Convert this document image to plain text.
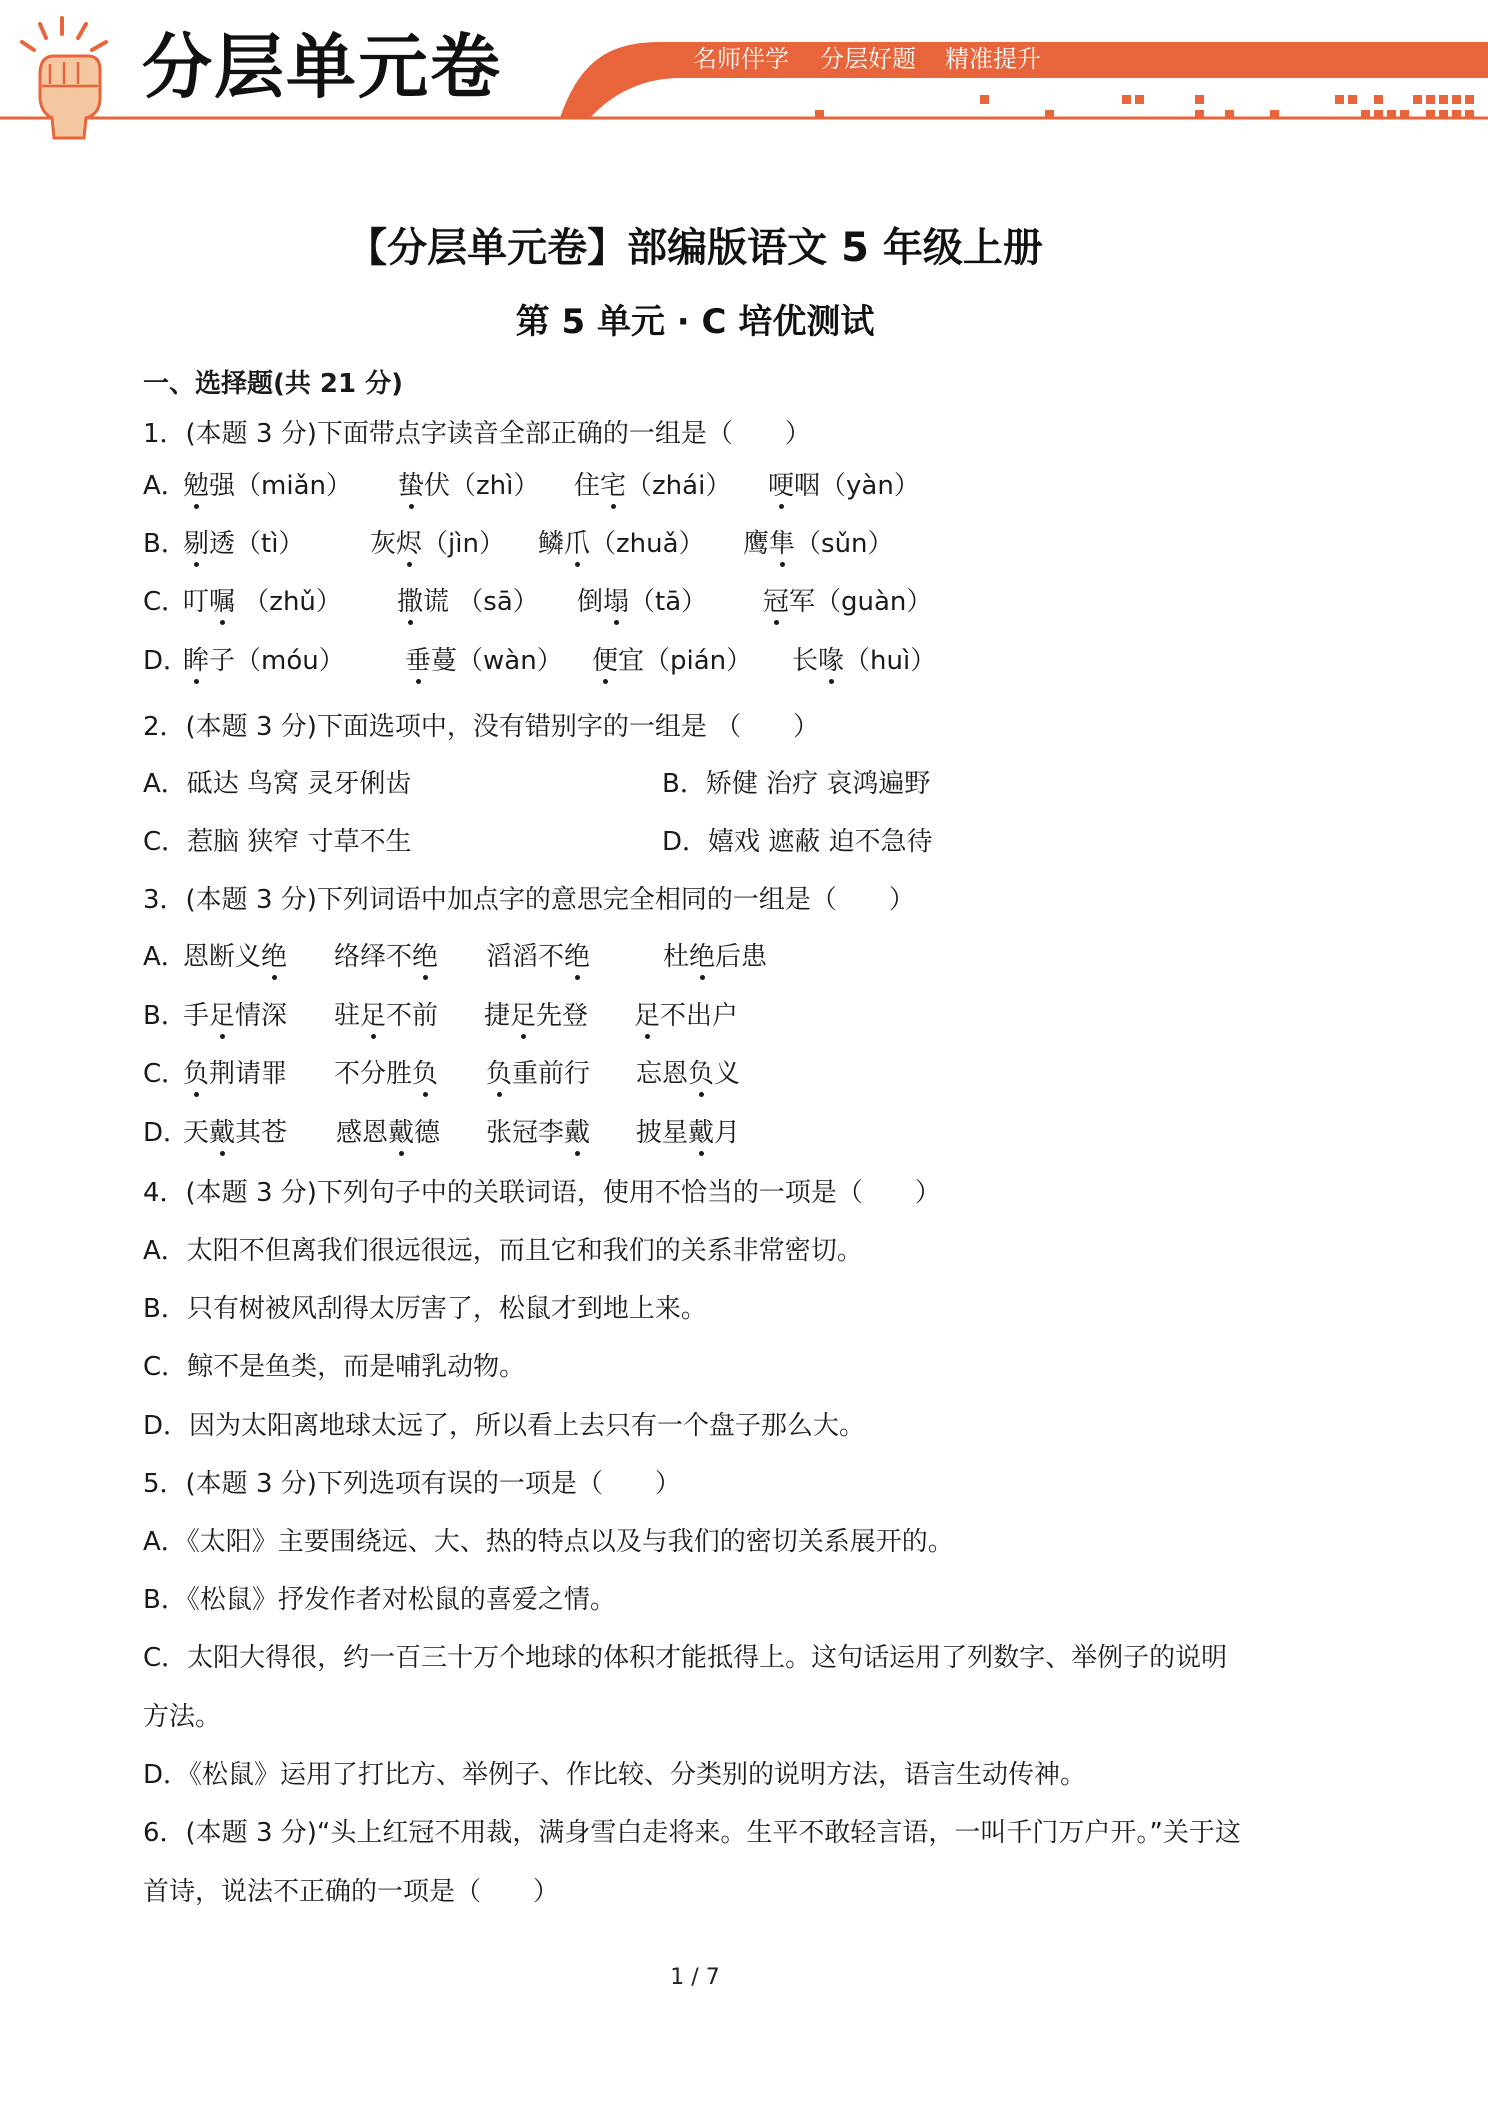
分层单元卷	名师伴学 分层好题 精准提升
【分层单元卷】部编版语文 5 年级上册
第 5 单元 · C 培优测试
一、选择题(共 21 分)
1．(本题 3 分)下面带点字读音全部正确的一组是（　　）
A．
勉强（miǎn） 蛰伏（zhì） 住宅（zhái） 哽咽（yàn）
B．
剔透（tì）	灰烬（jìn） 鳞爪（zhuǎ） 鹰隼（sǔn）
C．
叮嘱 （zhǔ） 撒谎 （sā） 倒塌（tā） 冠军（guàn）
D．
眸子（móu） 垂蔓（wàn） 便宜（pián） 长喙（huì）
2．(本题 3 分)下面选项中，没有错别字的一组是 （　　）
A．砥达 鸟窝 灵牙俐齿	B．矫健 治疗 哀鸿遍野
C．惹脑 狭窄 寸草不生	D．嬉戏 遮蔽 迫不急待
3．(本题 3 分)下列词语中加点字的意思完全相同的一组是（　　）
A．
恩断义绝 络绎不绝 滔滔不绝	杜绝后患
B．
手足情深 驻足不前 捷足先登 足不出户
C．
负荆请罪 不分胜负 负重前行 忘恩负义
D．
天戴其苍 感恩戴德 张冠李戴 披星戴月
4．(本题 3 分)下列句子中的关联词语，使用不恰当的一项是（　　）
A．太阳不但离我们很远很远，而且它和我们的关系非常密切。
B．只有树被风刮得太厉害了，松鼠才到地上来。
C．鲸不是鱼类，而是哺乳动物。
D．因为太阳离地球太远了，所以看上去只有一个盘子那么大。
5．(本题 3 分)下列选项有误的一项是（　　）
A．《太阳》主要围绕远、大、热的特点以及与我们的密切关系展开的。
B．《松鼠》抒发作者对松鼠的喜爱之情。
C．太阳大得很，约一百三十万个地球的体积才能抵得上。这句话运用了列数字、举例子的说明
方法。
D．《松鼠》运用了打比方、举例子、作比较、分类别的说明方法，语言生动传神。
6．(本题 3 分)“头上红冠不用裁，满身雪白走将来。生平不敢轻言语，一叫千门万户开。”关于这
首诗，说法不正确的一项是（　　）
1 / 7
